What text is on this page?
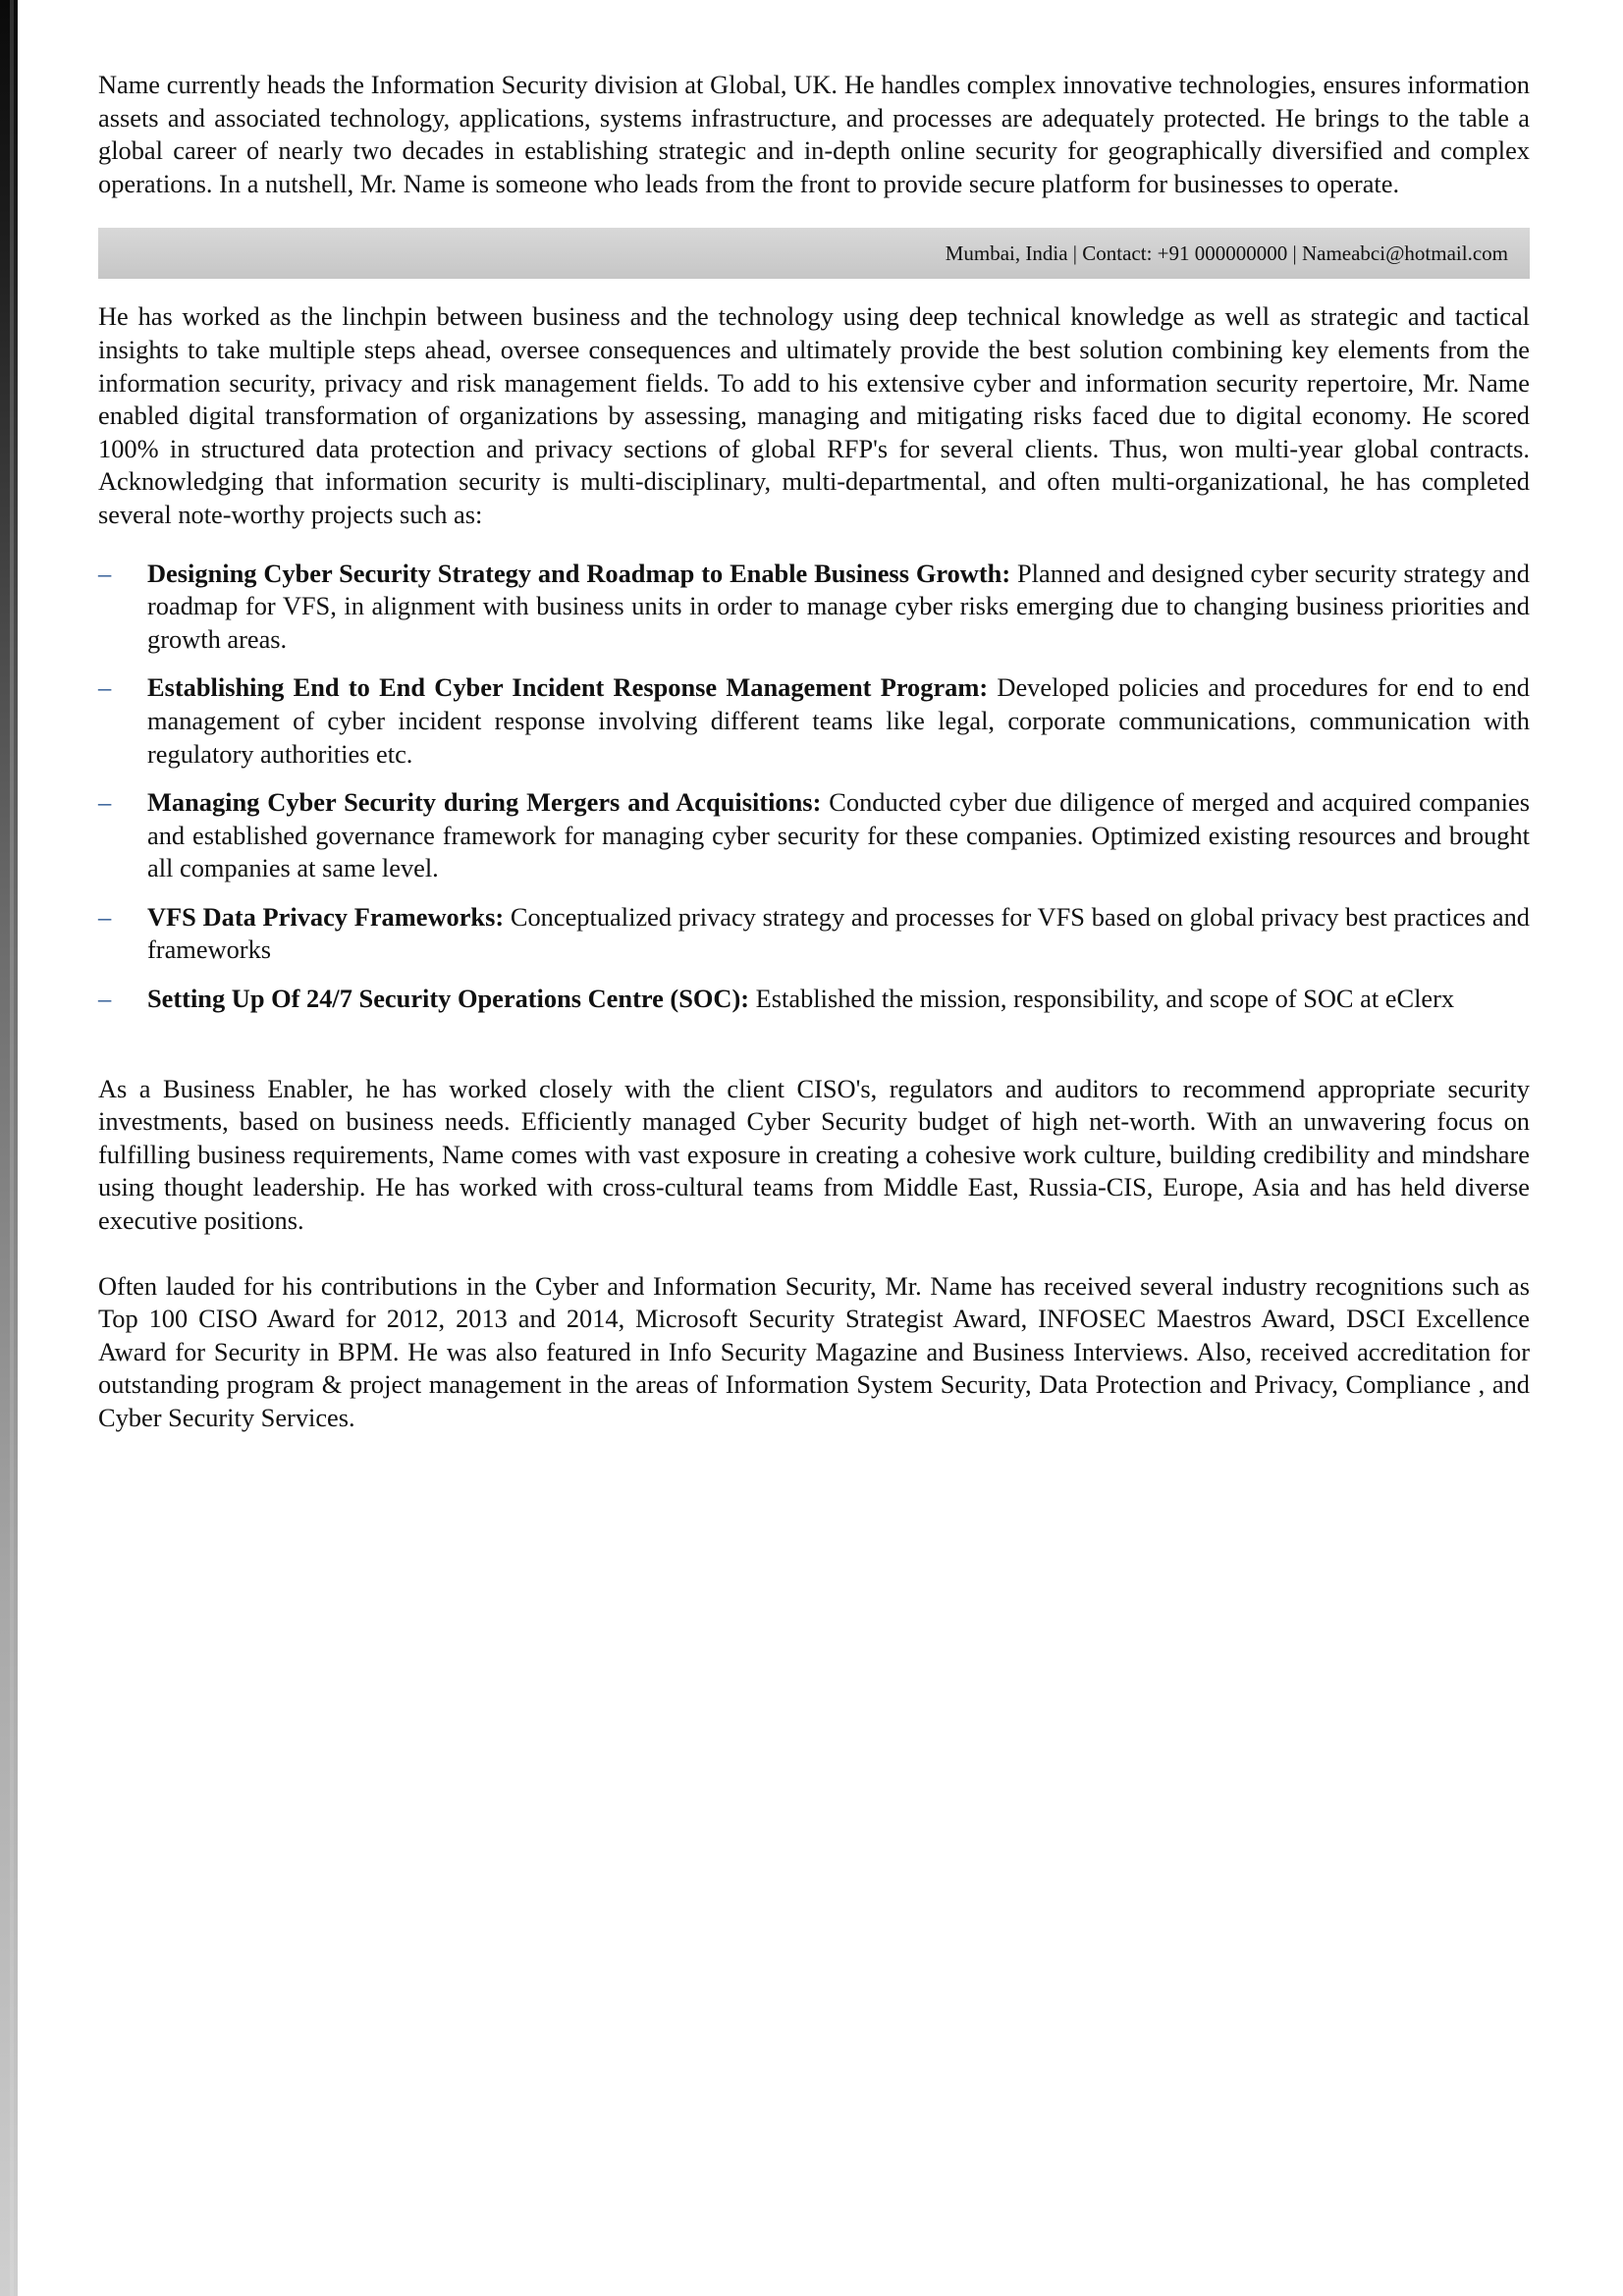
Name currently heads the Information Security division at Global, UK. He handles complex innovative technologies, ensures information assets and associated technology, applications, systems infrastructure, and processes are adequately protected. He brings to the table a global career of nearly two decades in establishing strategic and in-depth online security for geographically diversified and complex operations. In a nutshell, Mr. Name is someone who leads from the front to provide secure platform for businesses to operate.

Mumbai, India | Contact: +91 000000000 | Nameabci@hotmail.com

He has worked as the linchpin between business and the technology using deep technical knowledge as well as strategic and tactical insights to take multiple steps ahead, oversee consequences and ultimately provide the best solution combining key elements from the information security, privacy and risk management fields. To add to his extensive cyber and information security repertoire, Mr. Name enabled digital transformation of organizations by assessing, managing and mitigating risks faced due to digital economy. He scored 100% in structured data protection and privacy sections of global RFP's for several clients. Thus, won multi-year global contracts. Acknowledging that information security is multi-disciplinary, multi-departmental, and often multi-organizational, he has completed several note-worthy projects such as:

– Designing Cyber Security Strategy and Roadmap to Enable Business Growth: Planned and designed cyber security strategy and roadmap for VFS, in alignment with business units in order to manage cyber risks emerging due to changing business priorities and growth areas.
– Establishing End to End Cyber Incident Response Management Program: Developed policies and procedures for end to end management of cyber incident response involving different teams like legal, corporate communications, communication with regulatory authorities etc.
– Managing Cyber Security during Mergers and Acquisitions: Conducted cyber due diligence of merged and acquired companies and established governance framework for managing cyber security for these companies. Optimized existing resources and brought all companies at same level.
– VFS Data Privacy Frameworks: Conceptualized privacy strategy and processes for VFS based on global privacy best practices and frameworks
– Setting Up Of 24/7 Security Operations Centre (SOC): Established the mission, responsibility, and scope of SOC at eClerx

As a Business Enabler, he has worked closely with the client CISO's, regulators and auditors to recommend appropriate security investments, based on business needs. Efficiently managed Cyber Security budget of high net-worth. With an unwavering focus on fulfilling business requirements, Name comes with vast exposure in creating a cohesive work culture, building credibility and mindshare using thought leadership. He has worked with cross-cultural teams from Middle East, Russia-CIS, Europe, Asia and has held diverse executive positions.

Often lauded for his contributions in the Cyber and Information Security, Mr. Name has received several industry recognitions such as Top 100 CISO Award for 2012, 2013 and 2014, Microsoft Security Strategist Award, INFOSEC Maestros Award, DSCI Excellence Award for Security in BPM. He was also featured in Info Security Magazine and Business Interviews. Also, received accreditation for outstanding program & project management in the areas of Information System Security, Data Protection and Privacy, Compliance , and Cyber Security Services.
